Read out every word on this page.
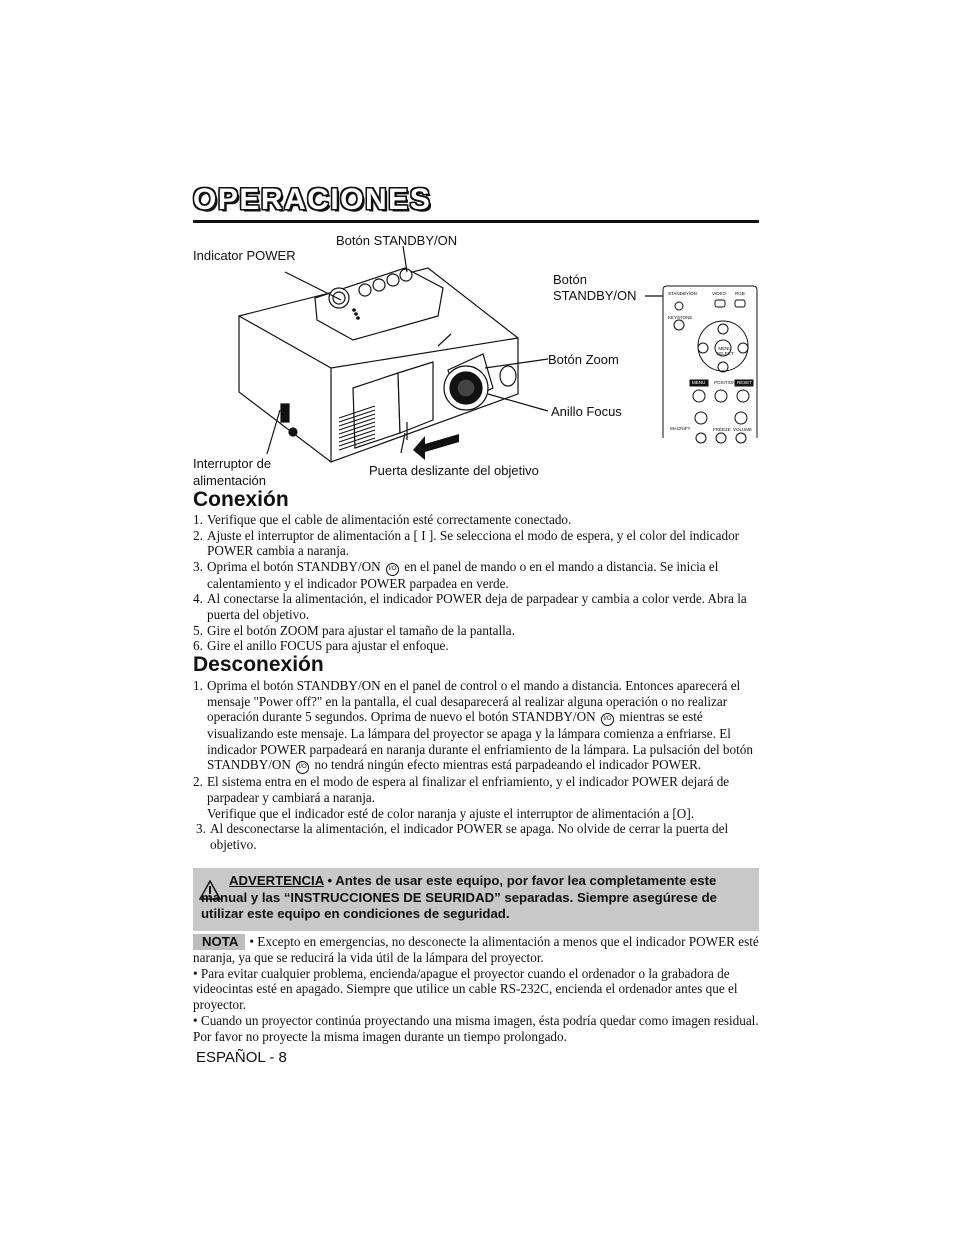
OPERACIONES
Indicator POWER
Botón STANDBY/ON
Botón
STANDBY/ON
Botón Zoom
Anillo Focus
Interruptor de
alimentación
Puerta deslizante del objetivo
STANDBY/ON	VIDEO RGB
KEYSTONE
MENU SELECT
MENU POSITION RESET
MAGNIFY	FREEZE VOLUME
Conexión
1. Verifique que el cable de alimentación esté correctamente conectado.
2. Ajuste el interruptor de alimentación a [ I ]. Se selecciona el modo de espera, y el color del indicador POWER cambia a naranja.
3. Oprima el botón STANDBY/ON I/O en el panel de mando o en el mando a distancia. Se inicia el calentamiento y el indicador POWER parpadea en verde.
4. Al conectarse la alimentación, el indicador POWER deja de parpadear y cambia a color verde. Abra la puerta del objetivo.
5. Gire el botón ZOOM para ajustar el tamaño de la pantalla.
6. Gire el anillo FOCUS para ajustar el enfoque.
Desconexión
1. Oprima el botón STANDBY/ON en el panel de control o el mando a distancia. Entonces aparecerá el mensaje "Power off?" en la pantalla, el cual desaparecerá al realizar alguna operación o no realizar operación durante 5 segundos. Oprima de nuevo el botón STANDBY/ON I/O mientras se esté visualizando este mensaje. La lámpara del proyector se apaga y la lámpara comienza a enfriarse. El indicador POWER parpadeará en naranja durante el enfriamiento de la lámpara. La pulsación del botón STANDBY/ON I/O no tendrá ningún efecto mientras está parpadeando el indicador POWER.
2. El sistema entra en el modo de espera al finalizar el enfriamiento, y el indicador POWER dejará de parpadear y cambiará a naranja.
Verifique que el indicador esté de color naranja y ajuste el interruptor de alimentación a [O].
3. Al desconectarse la alimentación, el indicador POWER se apaga. No olvide de cerrar la puerta del objetivo.
ADVERTENCIA • Antes de usar este equipo, por favor lea completamente este manual y las “INSTRUCCIONES DE SEURIDAD” separadas. Siempre asegúrese de utilizar este equipo en condiciones de seguridad.
NOTA • Excepto en emergencias, no desconecte la alimentación a menos que el indicador POWER esté naranja, ya que se reducirá la vida útil de la lámpara del proyector.
• Para evitar cualquier problema, encienda/apague el proyector cuando el ordenador o la grabadora de videocintas esté en apagado. Siempre que utilice un cable RS-232C, encienda el ordenador antes que el proyector.
• Cuando un proyector continúa proyectando una misma imagen, ésta podría quedar como imagen residual. Por favor no proyecte la misma imagen durante un tiempo prolongado.
ESPAÑOL - 8
